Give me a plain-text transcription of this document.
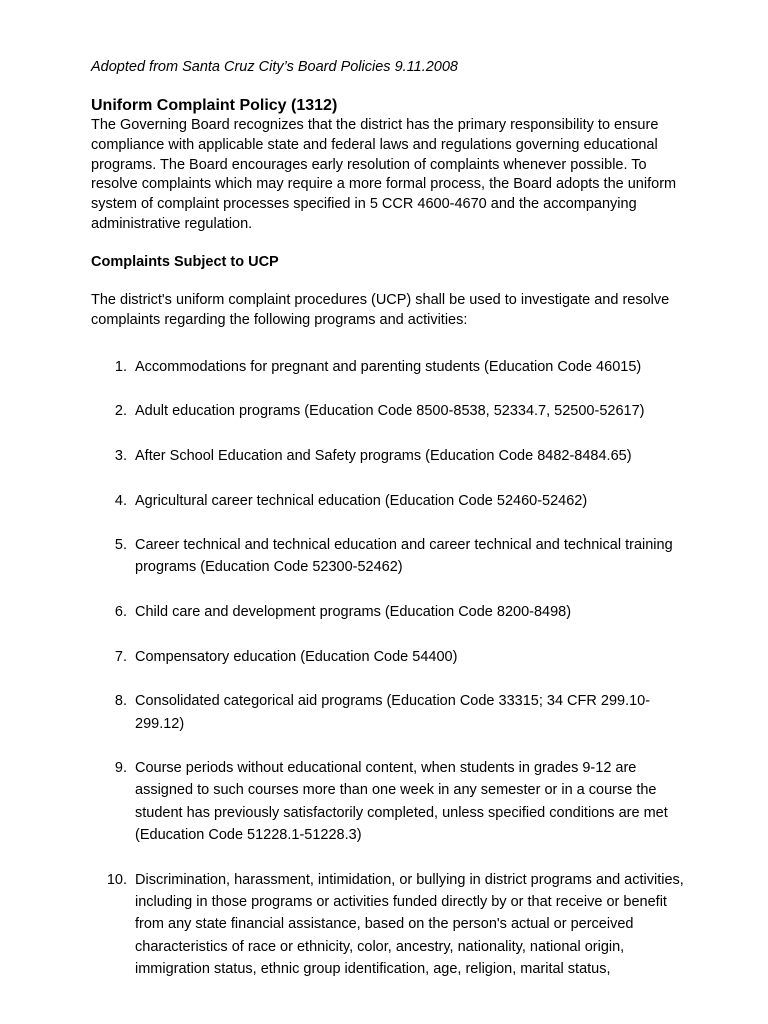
Adopted from Santa Cruz City’s Board Policies 9.11.2008

Uniform Complaint Policy (1312)

The Governing Board recognizes that the district has the primary responsibility to ensure compliance with applicable state and federal laws and regulations governing educational programs. The Board encourages early resolution of complaints whenever possible. To resolve complaints which may require a more formal process, the Board adopts the uniform system of complaint processes specified in 5 CCR 4600-4670 and the accompanying administrative regulation.

Complaints Subject to UCP

The district's uniform complaint procedures (UCP) shall be used to investigate and resolve complaints regarding the following programs and activities:

1. Accommodations for pregnant and parenting students (Education Code 46015)
2. Adult education programs (Education Code 8500-8538, 52334.7, 52500-52617)
3. After School Education and Safety programs (Education Code 8482-8484.65)
4. Agricultural career technical education (Education Code 52460-52462)
5. Career technical and technical education and career technical and technical training programs (Education Code 52300-52462)
6. Child care and development programs (Education Code 8200-8498)
7. Compensatory education (Education Code 54400)
8. Consolidated categorical aid programs (Education Code 33315; 34 CFR 299.10-299.12)
9. Course periods without educational content, when students in grades 9-12 are assigned to such courses more than one week in any semester or in a course the student has previously satisfactorily completed, unless specified conditions are met (Education Code 51228.1-51228.3)
10. Discrimination, harassment, intimidation, or bullying in district programs and activities, including in those programs or activities funded directly by or that receive or benefit from any state financial assistance, based on the person's actual or perceived characteristics of race or ethnicity, color, ancestry, nationality, national origin, immigration status, ethnic group identification, age, religion, marital status,
